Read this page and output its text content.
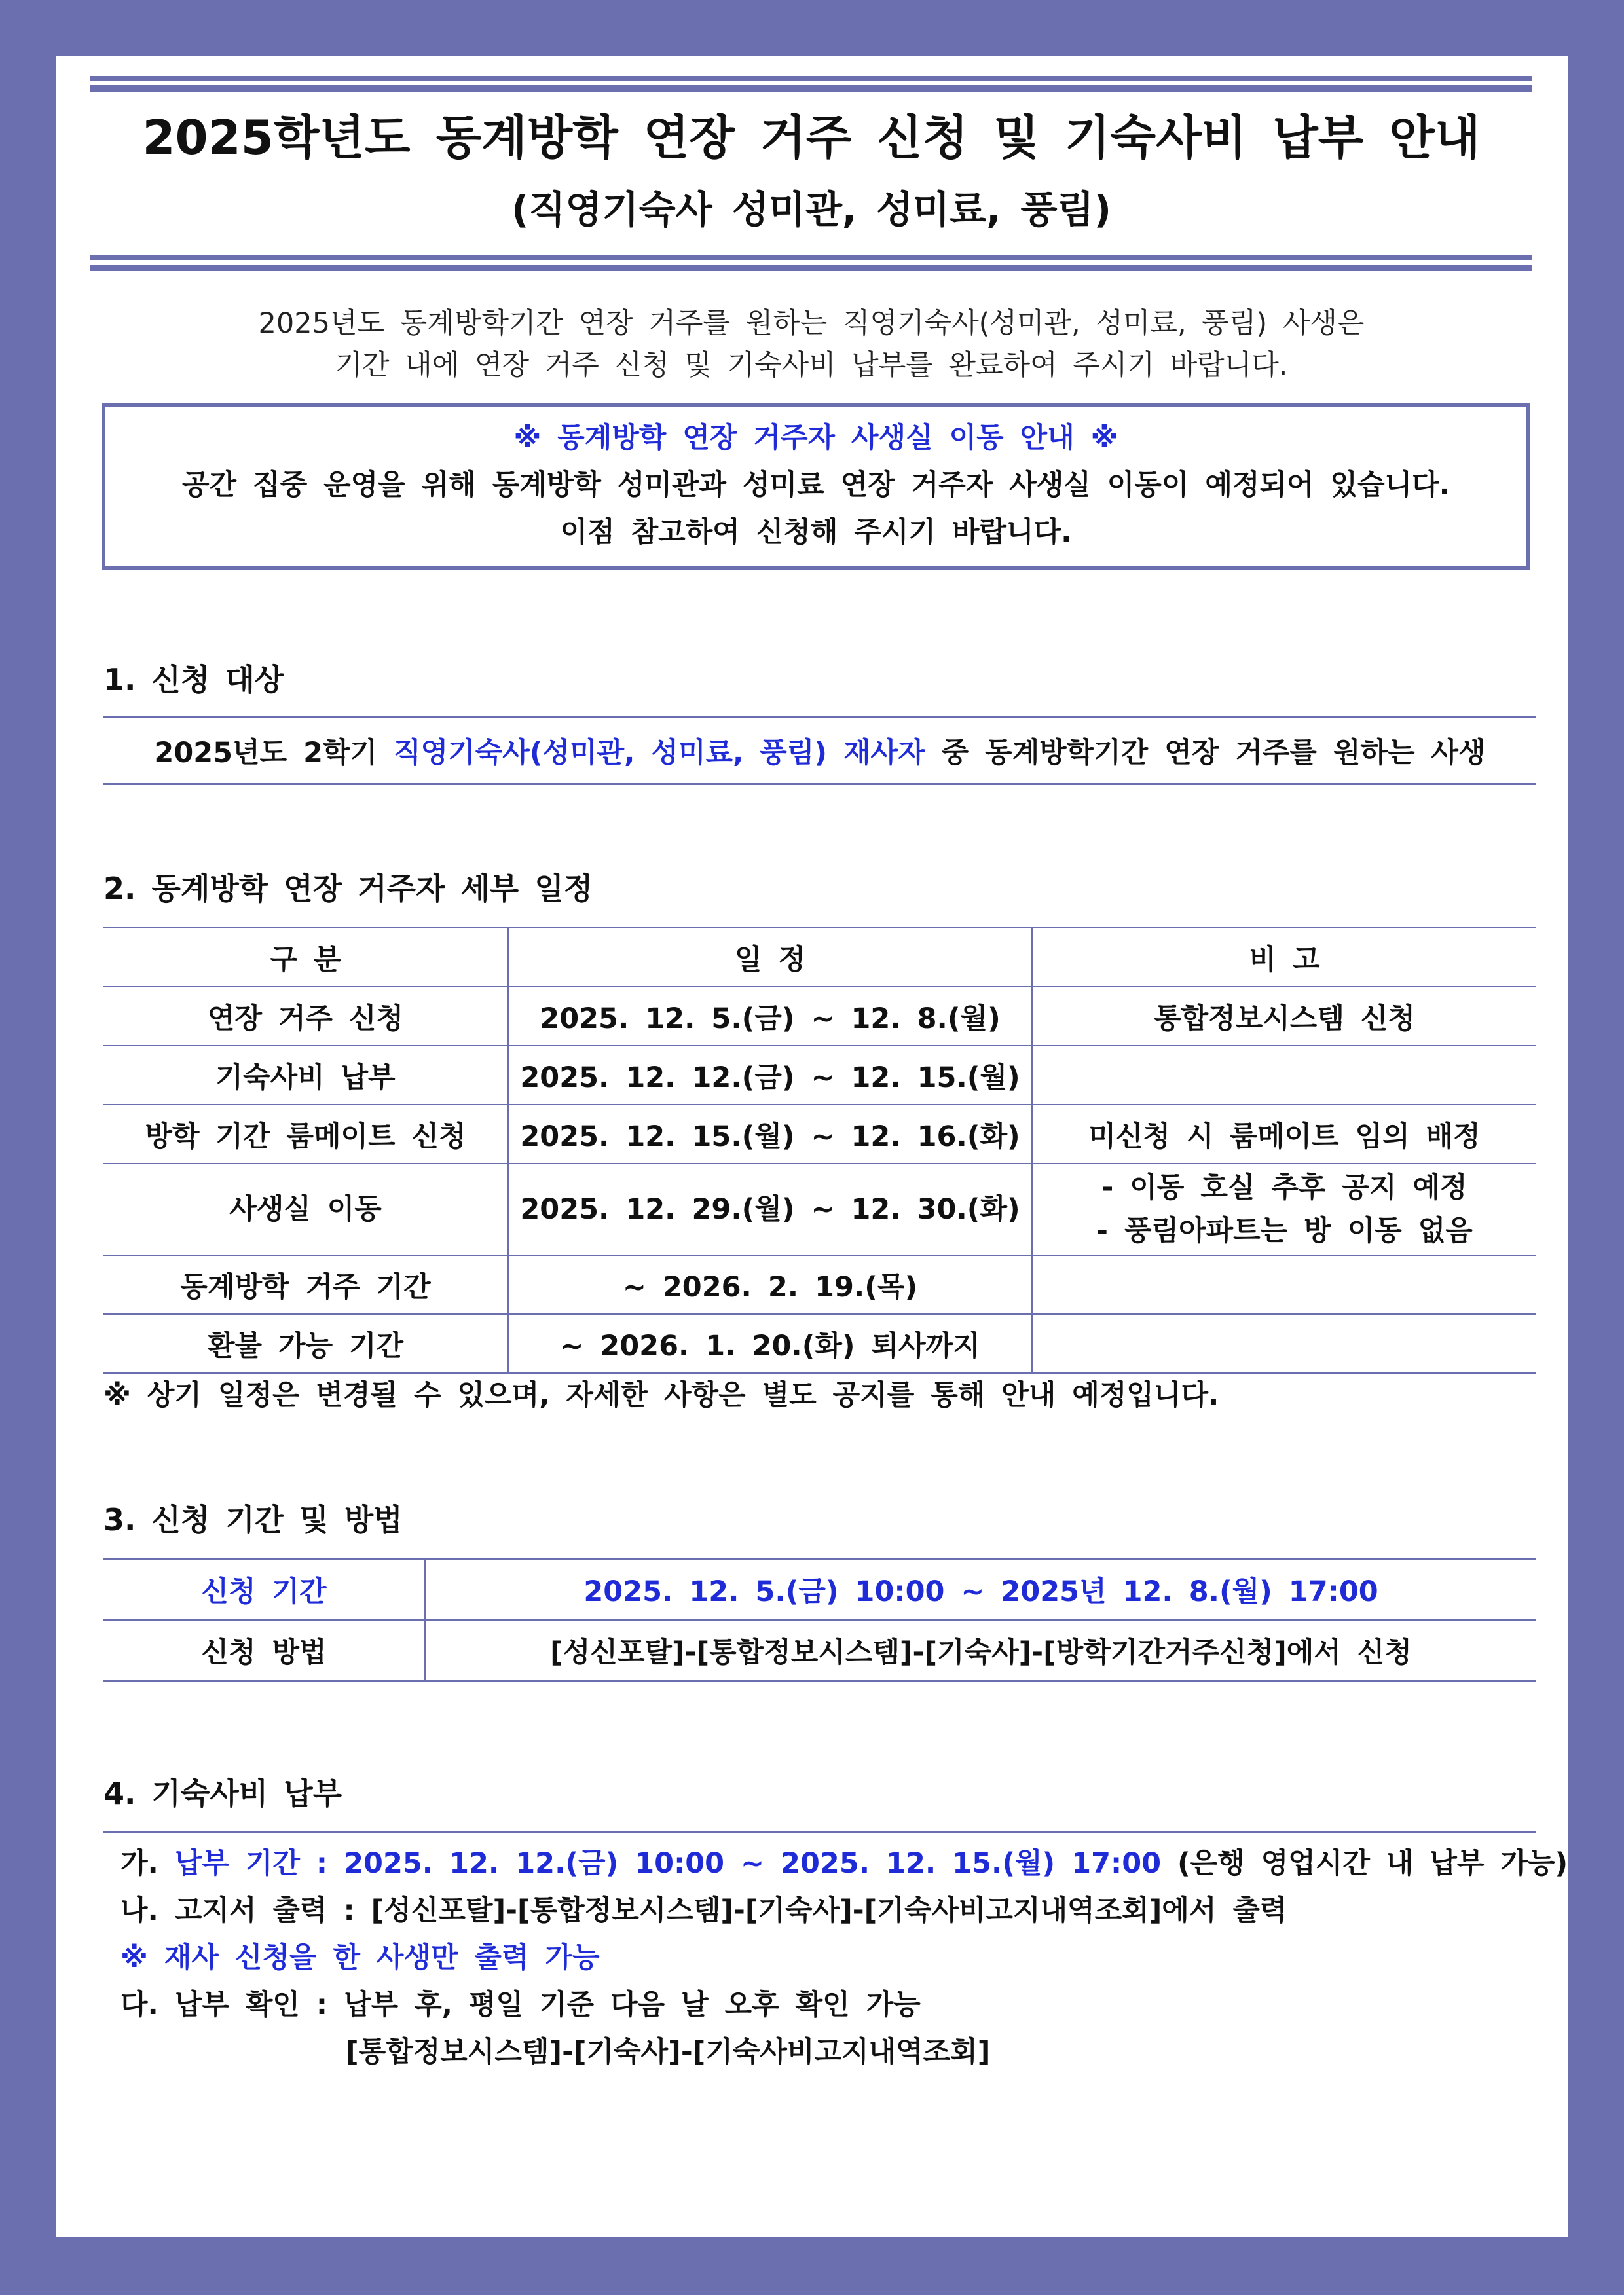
2025학년도 동계방학 연장 거주 신청 및 기숙사비 납부 안내
(직영기숙사 성미관, 성미료, 풍림)
2025년도 동계방학기간 연장 거주를 원하는 직영기숙사(성미관, 성미료, 풍림) 사생은
기간 내에 연장 거주 신청 및 기숙사비 납부를 완료하여 주시기 바랍니다.
※ 동계방학 연장 거주자 사생실 이동 안내 ※
공간 집중 운영을 위해 동계방학 성미관과 성미료 연장 거주자 사생실 이동이 예정되어 있습니다.
이점 참고하여 신청해 주시기 바랍니다.
1. 신청 대상
2025년도 2학기 직영기숙사(성미관, 성미료, 풍림) 재사자 중 동계방학기간 연장 거주를 원하는 사생
2. 동계방학 연장 거주자 세부 일정
구 분	일 정	비 고
연장 거주 신청	2025. 12. 5.(금) ~ 12. 8.(월)	통합정보시스템 신청
기숙사비 납부	2025. 12. 12.(금) ~ 12. 15.(월)	
방학 기간 룸메이트 신청	2025. 12. 15.(월) ~ 12. 16.(화)	미신청 시 룸메이트 임의 배정
사생실 이동	2025. 12. 29.(월) ~ 12. 30.(화)	- 이동 호실 추후 공지 예정
- 풍림아파트는 방 이동 없음

동계방학 거주 기간	~ 2026. 2. 19.(목)	
환불 가능 기간	~ 2026. 1. 20.(화) 퇴사까지	
※ 상기 일정은 변경될 수 있으며, 자세한 사항은 별도 공지를 통해 안내 예정입니다.
3. 신청 기간 및 방법
신청 기간	2025. 12. 5.(금) 10:00 ~ 2025년 12. 8.(월) 17:00
신청 방법	[성신포탈]-[통합정보시스템]-[기숙사]-[방학기간거주신청]에서 신청
4. 기숙사비 납부
가. 납부 기간 : 2025. 12. 12.(금) 10:00 ~ 2025. 12. 15.(월) 17:00 (은행 영업시간 내 납부 가능)
나. 고지서 출력 : [성신포탈]-[통합정보시스템]-[기숙사]-[기숙사비고지내역조회]에서 출력
※ 재사 신청을 한 사생만 출력 가능
다. 납부 확인 : 납부 후, 평일 기준 다음 날 오후 확인 가능
[통합정보시스템]-[기숙사]-[기숙사비고지내역조회]
